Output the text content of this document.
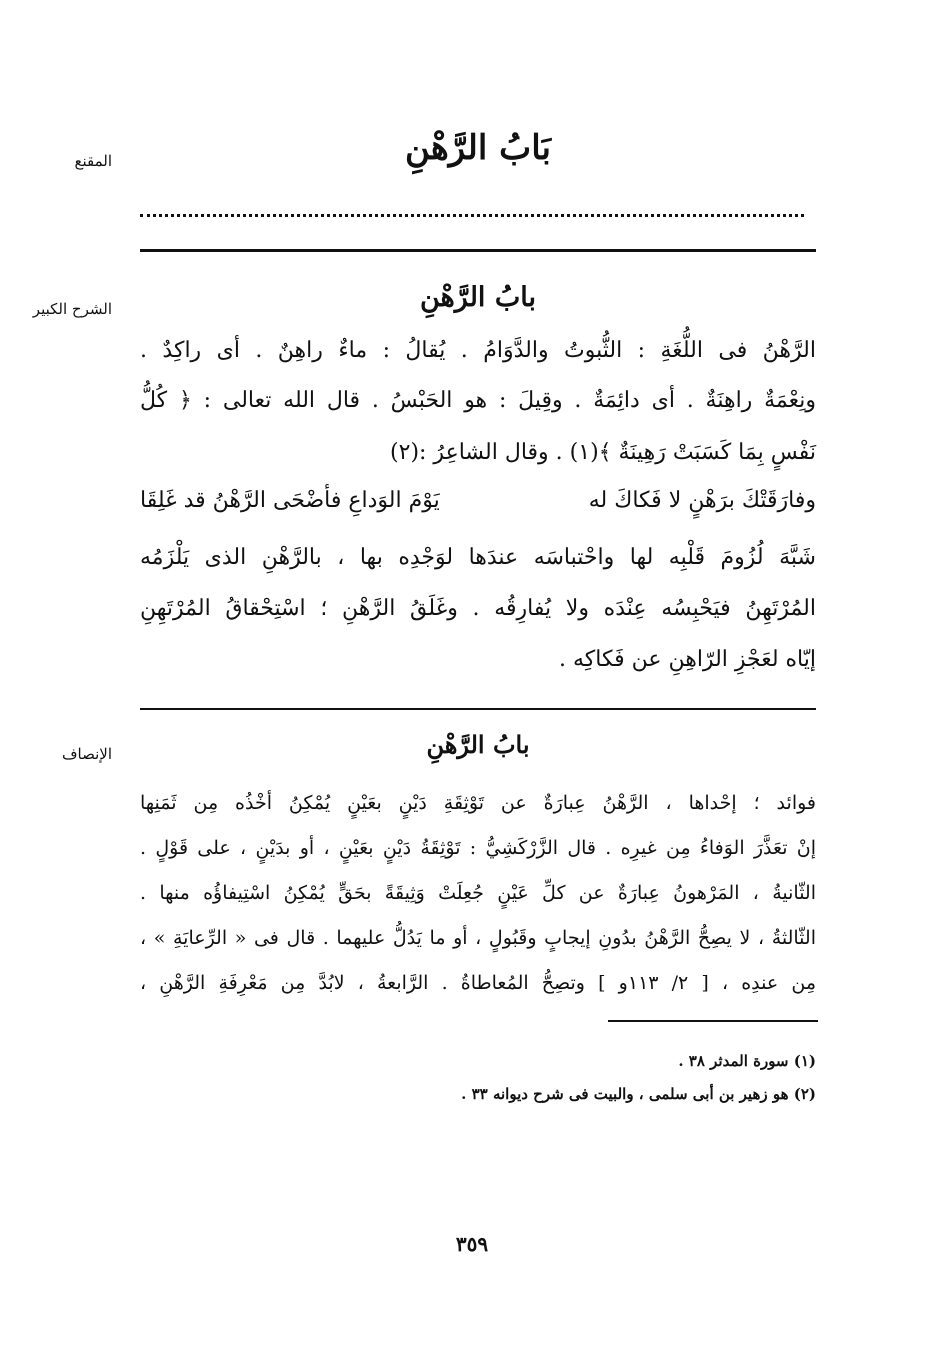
المقنع	بَابُ الرَّهْنِ
الشرح الكبير	بابُ الرَّهْنِ
الرَّهْنُ فى اللُّغَةِ : الثُّبوتُ والدَّوَامُ . يُقالُ : ماءٌ راهِنٌ . أى راكِدٌ .
ونِعْمَةٌ راهِنَةٌ . أى دائِمَةٌ . وقِيلَ : هو الحَبْسُ . قال الله تعالى : ﴿ كُلُّ
نَفْسٍ بِمَا كَسَبَتْ رَهِينَةٌ ﴾(١) . وقال الشاعِرُ :(٢)
وفارَقَتْكَ برَهْنٍ لا فَكاكَ له
يَوْمَ الوَداعِ فأضْحَى الرَّهْنُ قد غَلِقَا
شَبَّهَ لُزُومَ قَلْبِه لها واحْتباسَه عندَها لوَجْدِه بها ، بالرَّهْنِ الذى يَلْزَمُه
المُرْتَهِنُ فيَحْبِسُه عِنْدَه ولا يُفارِقُه . وغَلَقُ الرَّهْنِ ؛ اسْتِحْقاقُ المُرْتَهِنِ
إيّاه لعَجْزِ الرّاهِنِ عن فَكاكِه .
الإنصاف	بابُ الرَّهْنِ
فوائد ؛ إحْداها ، الرَّهْنُ عِبارَةٌ عن تَوْثِقَةِ دَيْنٍ بعَيْنٍ يُمْكِنُ أخْذُه مِن ثَمَنِها
إنْ تعَذَّرَ الوَفاءُ مِن غيرِه . قال الزَّرْكَشِيُّ : تَوْثِقَةُ دَيْنٍ بعَيْنٍ ، أو بدَيْنٍ ، على قَوْلٍ .
الثّانيةُ ، المَرْهونُ عِبارَةٌ عن كلِّ عَيْنٍ جُعِلَتْ وَثِيقَةً بحَقٍّ يُمْكِنُ اسْتِيفاؤُه منها .
الثّالثةُ ، لا يصِحُّ الرَّهْنُ بدُونِ إيجابٍ وقَبُولٍ ، أو ما يَدُلُّ عليهما . قال فى « الرِّعايَةِ » ،
مِن عندِه ، [ ٢/ ١١٣و ] وتصِحُّ المُعاطاةُ . الرَّابعةُ ، لابُدَّ مِن مَعْرِفَةِ الرَّهْنِ ،
(١) سورة المدثر ٣٨ .
(٢) هو زهير بن أبى سلمى ، والبيت فى شرح ديوانه ٣٣ .
٣٥٩
